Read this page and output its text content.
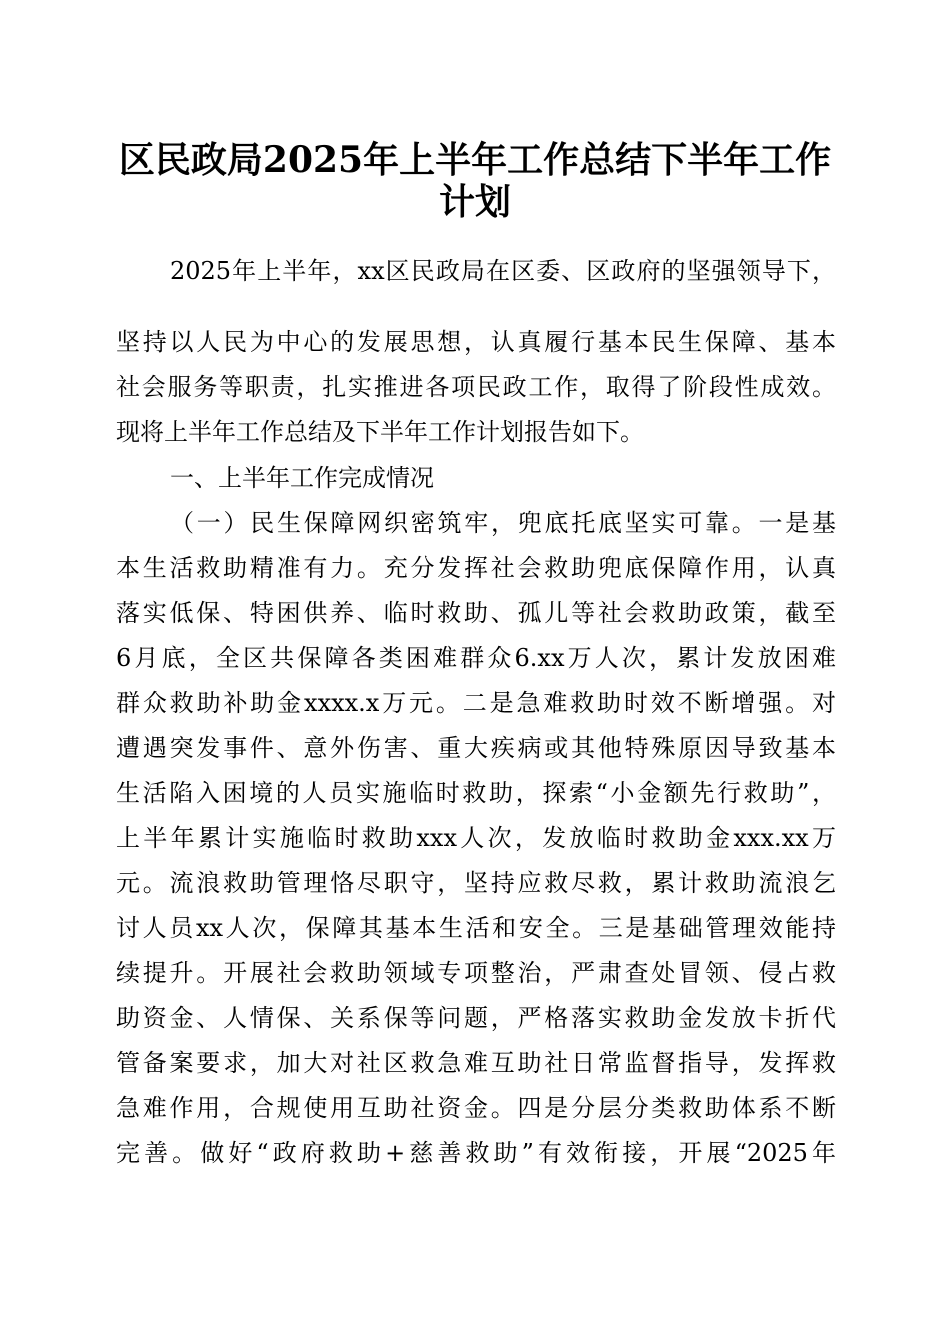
区民政局2025年上半年工作总结下半年工作
计划
2025年上半年，xx区民政局在区委、区政府的坚强领导下，
坚持以人民为中心的发展思想，认真履行基本民生保障、基本
社会服务等职责，扎实推进各项民政工作，取得了阶段性成效。
现将上半年工作总结及下半年工作计划报告如下。
一、上半年工作完成情况
（一）民生保障网织密筑牢，兜底托底坚实可靠。一是基
本生活救助精准有力。充分发挥社会救助兜底保障作用，认真
落实低保、特困供养、临时救助、孤儿等社会救助政策，截至
6月底，全区共保障各类困难群众6.xx万人次，累计发放困难
群众救助补助金xxxx.x万元。二是急难救助时效不断增强。对
遭遇突发事件、意外伤害、重大疾病或其他特殊原因导致基本
生活陷入困境的人员实施临时救助，探索“小金额先行救助”，
上半年累计实施临时救助xxx人次，发放临时救助金xxx.xx万
元。流浪救助管理恪尽职守，坚持应救尽救，累计救助流浪乞
讨人员xx人次，保障其基本生活和安全。三是基础管理效能持
续提升。开展社会救助领域专项整治，严肃查处冒领、侵占救
助资金、人情保、关系保等问题，严格落实救助金发放卡折代
管备案要求，加大对社区救急难互助社日常监督指导，发挥救
急难作用，合规使用互助社资金。四是分层分类救助体系不断
完善。做好“政府救助+慈善救助”有效衔接，开展“2025年
